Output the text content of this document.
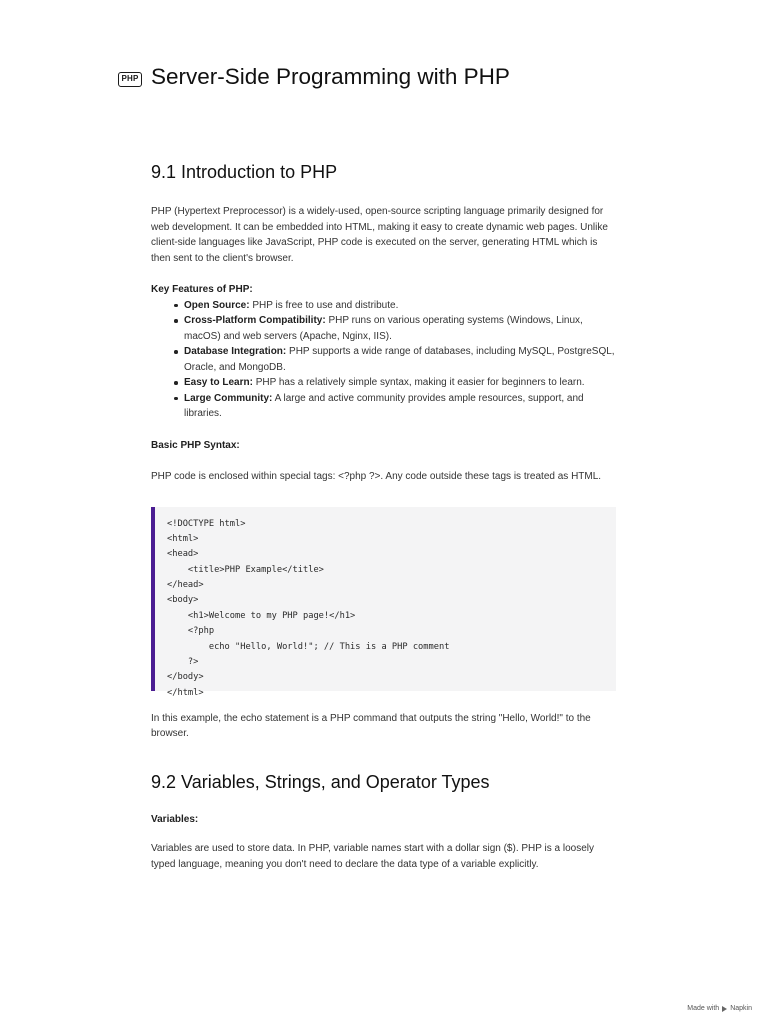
PHP Server-Side Programming with PHP
9.1 Introduction to PHP

PHP (Hypertext Preprocessor) is a widely-used, open-source scripting language primarily designed for web development. It can be embedded into HTML, making it easy to create dynamic web pages. Unlike client-side languages like JavaScript, PHP code is executed on the server, generating HTML which is then sent to the client's browser.

Key Features of PHP:

Open Source: PHP is free to use and distribute.
Cross-Platform Compatibility: PHP runs on various operating systems (Windows, Linux, macOS) and web servers (Apache, Nginx, IIS).
Database Integration: PHP supports a wide range of databases, including MySQL, PostgreSQL, Oracle, and MongoDB.
Easy to Learn: PHP has a relatively simple syntax, making it easier for beginners to learn.
Large Community: A large and active community provides ample resources, support, and libraries.

Basic PHP Syntax:

PHP code is enclosed within special tags: <?php ?>. Any code outside these tags is treated as HTML.

<!DOCTYPE html>
<html>
<head>
<title>PHP Example</title>
</head>
<body>
<h1>Welcome to my PHP page!</h1>
<?php
echo "Hello, World!"; // This is a PHP comment
?>
</body>
</html>

In this example, the echo statement is a PHP command that outputs the string "Hello, World!" to the browser.

9.2 Variables, Strings, and Operator Types

Variables:

Variables are used to store data. In PHP, variable names start with a dollar sign ($). PHP is a loosely typed language, meaning you don't need to declare the data type of a variable explicitly.

Made with Napkin
